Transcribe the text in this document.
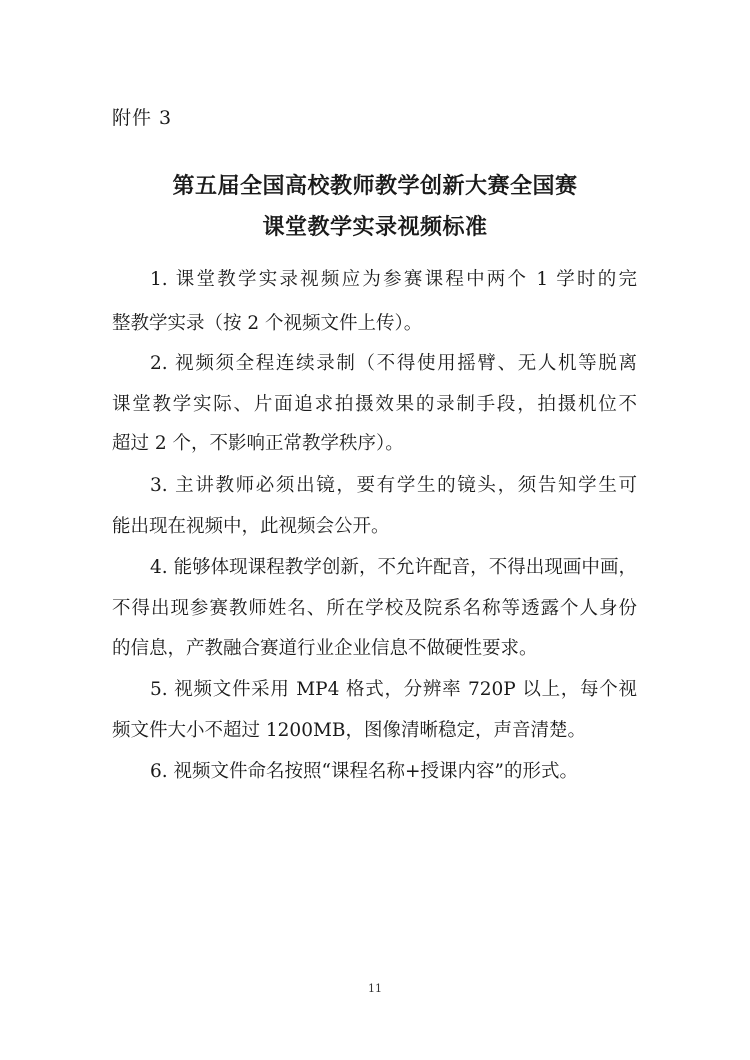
附件 3
第五届全国高校教师教学创新大赛全国赛
课堂教学实录视频标准
1. 课堂教学实录视频应为参赛课程中两个 1 学时的完
整教学实录（按 2 个视频文件上传）。
2. 视频须全程连续录制（不得使用摇臂、无人机等脱离
课堂教学实际、片面追求拍摄效果的录制手段，拍摄机位不
超过 2 个，不影响正常教学秩序）。
3. 主讲教师必须出镜，要有学生的镜头，须告知学生可
能出现在视频中，此视频会公开。
4. 能够体现课程教学创新，不允许配音，不得出现画中画，
不得出现参赛教师姓名、所在学校及院系名称等透露个人身份
的信息，产教融合赛道行业企业信息不做硬性要求。
5. 视频文件采用 MP4 格式，分辨率 720P 以上，每个视
频文件大小不超过 1200MB，图像清晰稳定，声音清楚。
6. 视频文件命名按照“课程名称+授课内容”的形式。
11
